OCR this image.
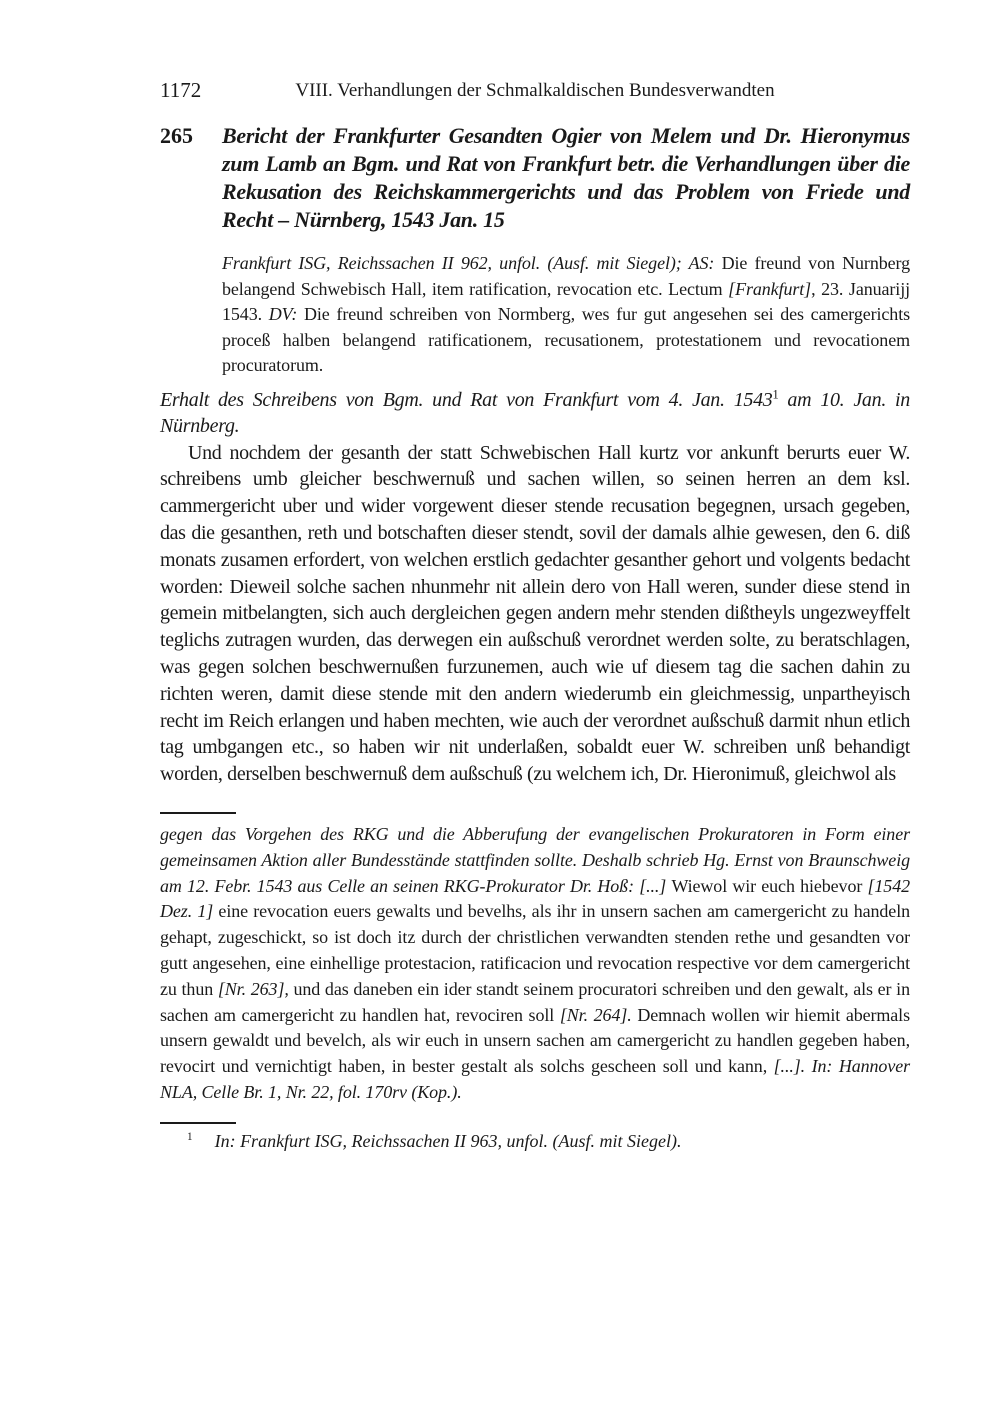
1172	VIII. Verhandlungen der Schmalkaldischen Bundesverwandten
265	Bericht der Frankfurter Gesandten Ogier von Melem und Dr. Hieronymus zum Lamb an Bgm. und Rat von Frankfurt betr. die Verhandlungen über die Rekusation des Reichskammergerichts und das Problem von Friede und Recht – Nürnberg, 1543 Jan. 15

Frankfurt ISG, Reichssachen II 962, unfol. (Ausf. mit Siegel); AS: Die freund von Nurnberg belangend Schwebisch Hall, item ratification, revocation etc. Lectum [Frankfurt], 23. Januarijj 1543. DV: Die freund schreiben von Normberg, wes fur gut angesehen sei des camergerichts proceß halben belangend ratificationem, recusationem, protestationem und revocationem procuratorum.

Erhalt des Schreibens von Bgm. und Rat von Frankfurt vom 4. Jan. 1543$^1$ am 10. Jan. in Nürnberg.

Und nochdem der gesanth der statt Schwebischen Hall kurtz vor ankunft berurts euer W. schreibens umb gleicher beschwernuß und sachen willen, so seinen herren an dem ksl. cammergericht uber und wider vorgewent dieser stende recusation begegnen, ursach gegeben, das die gesanthen, reth und botschaften dieser stendt, sovil der damals alhie gewesen, den 6. diß monats zusamen erfordert, von welchen erstlich gedachter gesanther gehort und volgents bedacht worden: Dieweil solche sachen nhunmehr nit allein dero von Hall weren, sunder diese stend in gemein mitbelangten, sich auch dergleichen gegen andern mehr stenden dißtheyls ungezweyffelt teglichs zutragen wurden, das derwegen ein außschuß verordnet werden solte, zu beratschlagen, was gegen solchen beschwernußen furzunemen, auch wie uf diesem tag die sachen dahin zu richten weren, damit diese stende mit den andern wiederumb ein gleichmessig, unpartheyisch recht im Reich erlangen und haben mechten, wie auch der verordnet außschuß darmit nhun etlich tag umbgangen etc., so haben wir nit underlaßen, sobaldt euer W. schreiben unß behandigt worden, derselben beschwernuß dem außschuß (zu welchem ich, Dr. Hieronimuß, gleichwol als

gegen das Vorgehen des RKG und die Abberufung der evangelischen Prokuratoren in Form einer gemeinsamen Aktion aller Bundesstände stattfinden sollte. Deshalb schrieb Hg. Ernst von Braunschweig am 12. Febr. 1543 aus Celle an seinen RKG-Prokurator Dr. Hoß: [...] Wiewol wir euch hiebevor [1542 Dez. 1] eine revocation euers gewalts und bevelhs, als ihr in unsern sachen am camergericht zu handeln gehapt, zugeschickt, so ist doch itz durch der christlichen verwandten stenden rethe und gesandten vor gutt angesehen, eine einhellige protestacion, ratificacion und revocation respective vor dem camergericht zu thun [Nr. 263], und das daneben ein ider standt seinem procuratori schreiben und den gewalt, als er in sachen am camergericht zu handlen hat, revociren soll [Nr. 264]. Demnach wollen wir hiemit abermals unsern gewaldt und bevelch, als wir euch in unsern sachen am camergericht zu handlen gegeben haben, revocirt und vernichtigt haben, in bester gestalt als solchs gescheen soll und kann, [...]. In: Hannover NLA, Celle Br. 1, Nr. 22, fol. 170rv (Kop.).

$^1$ In: Frankfurt ISG, Reichssachen II 963, unfol. (Ausf. mit Siegel).
